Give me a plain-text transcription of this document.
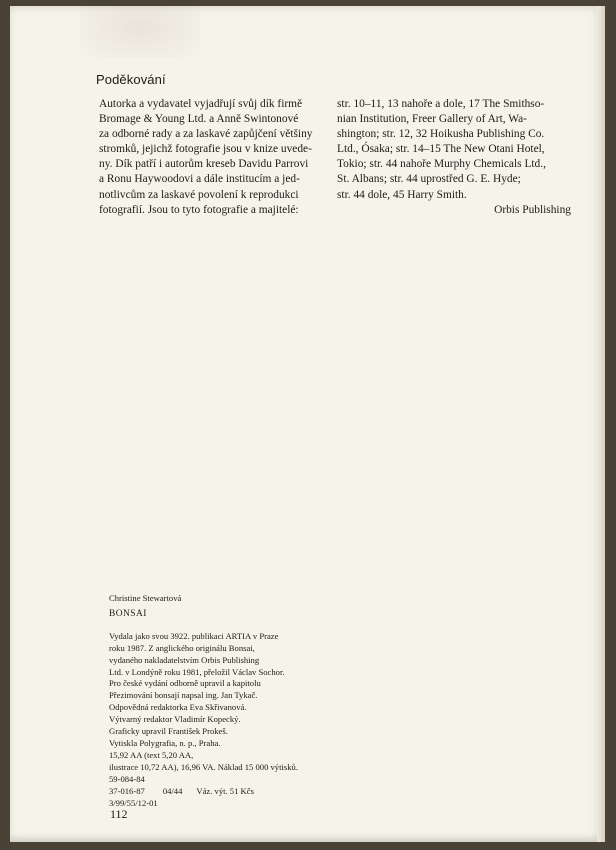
Poděkování
Autorka a vydavatel vyjadřují svůj dík firmě
Bromage & Young Ltd. a Anně Swintonové
za odborné rady a za laskavé zapůjčení většiny
stromků, jejichž fotografie jsou v knize uvede-
ny. Dík patří i autorům kreseb Davidu Parrovi
a Ronu Haywoodovi a dále institucím a jed-
notlivcům za laskavé povolení k reprodukci
fotografií. Jsou to tyto fotografie a majitelé:
str. 10–11, 13 nahoře a dole, 17 The Smithso-
nian Institution, Freer Gallery of Art, Wa-
shington; str. 12, 32 Hoikusha Publishing Co.
Ltd., Ósaka; str. 14–15 The New Otani Hotel,
Tokio; str. 44 nahoře Murphy Chemicals Ltd.,
St. Albans; str. 44 uprostřed G. E. Hyde;
str. 44 dole, 45 Harry Smith.
Orbis Publishing
Christine Stewartová
BONSAI
Vydala jako svou 3922. publikaci ARTIA v Praze
roku 1987. Z anglického originálu Bonsai,
vydaného nakladatelstvím Orbis Publishing
Ltd. v Londýně roku 1981, přeložil Václav Sochor.
Pro české vydání odborně upravil a kapitolu
Přezimování bonsají napsal ing. Jan Tykač.
Odpovědná redaktorka Eva Skřivanová.
Výtvarný redaktor Vladimír Kopecký.
Graficky upravil František Prokeš.
Vytiskla Polygrafia, n. p., Praha.
15,92 AA (text 5,20 AA,
ilustrace 10,72 AA), 16,96 VA. Náklad 15 000 výtisků.
59-084-84
37-016-87 04/44 Váz. výt. 51 Kčs
3/99/55/12-01
112
